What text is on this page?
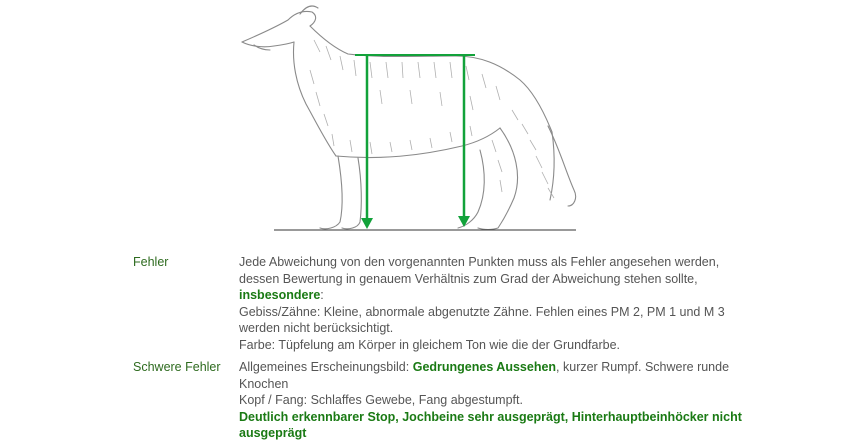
Fehler	Jede Abweichung von den vorgenannten Punkten muss als Fehler angesehen werden, dessen Bewertung in genauem Verhältnis zum Grad der Abweichung stehen sollte, insbesondere:

Gebiss/Zähne: Kleine, abnormale abgenutzte Zähne. Fehlen eines PM 2, PM 1 und M 3 werden nicht berücksichtigt.

Farbe: Tüpfelung am Körper in gleichem Ton wie die der Grundfarbe.

Schwere Fehler	Allgemeines Erscheinungsbild: Gedrungenes Aussehen, kurzer Rumpf. Schwere runde Knochen

Kopf / Fang: Schlaffes Gewebe, Fang abgestumpft.

Deutlich erkennbarer Stop, Jochbeine sehr ausgeprägt, Hinterhauptbeinhöcker nicht ausgeprägt
